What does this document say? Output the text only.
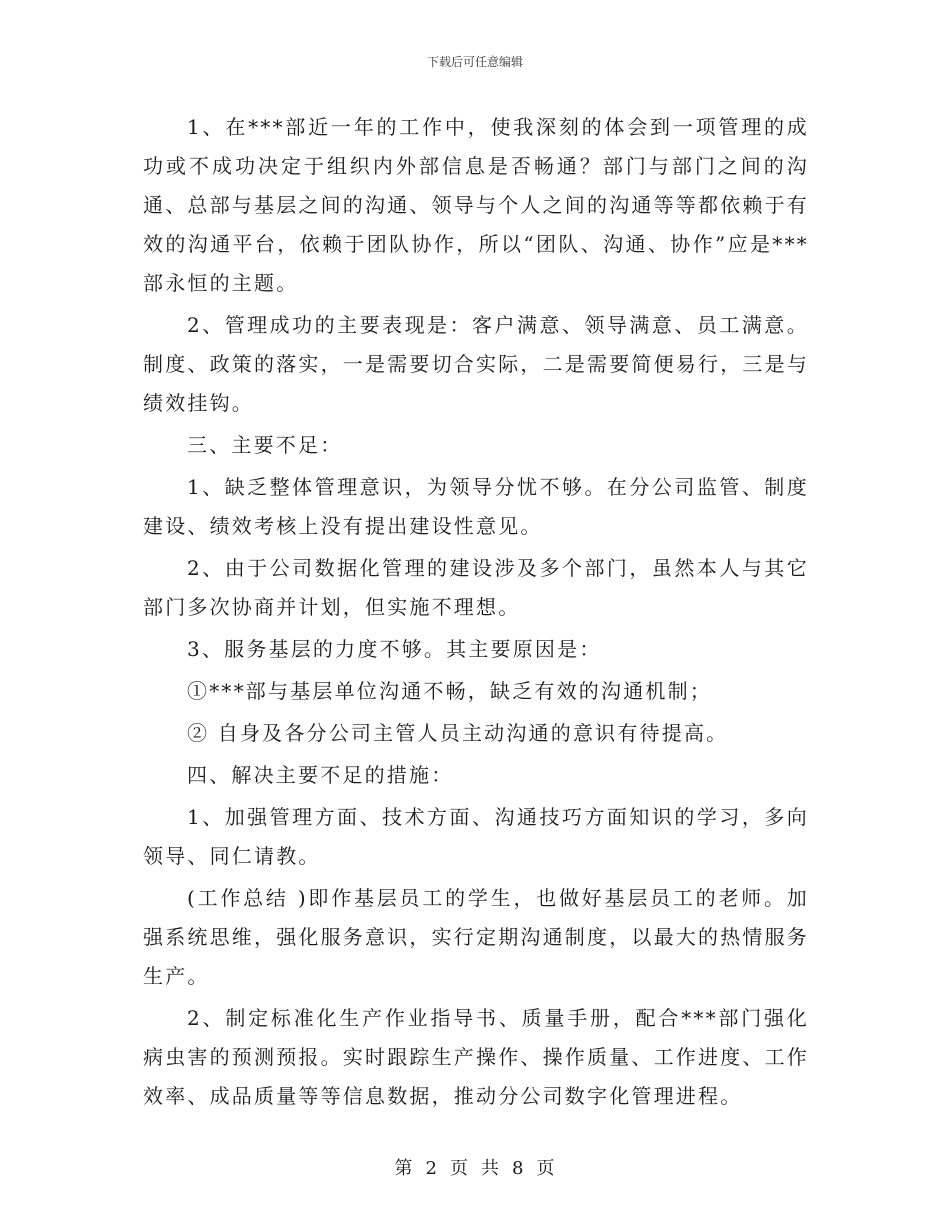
下载后可任意编辑

1、在***部近一年的工作中，使我深刻的体会到一项管理的成功或不成功决定于组织内外部信息是否畅通？部门与部门之间的沟通、总部与基层之间的沟通、领导与个人之间的沟通等等都依赖于有效的沟通平台，依赖于团队协作，所以“团队、沟通、协作”应是***部永恒的主题。

2、管理成功的主要表现是：客户满意、领导满意、员工满意。制度、政策的落实，一是需要切合实际，二是需要简便易行，三是与绩效挂钩。

三、主要不足：

1、缺乏整体管理意识，为领导分忧不够。在分公司监管、制度建设、绩效考核上没有提出建设性意见。

2、由于公司数据化管理的建设涉及多个部门，虽然本人与其它部门多次协商并计划，但实施不理想。

3、服务基层的力度不够。其主要原因是：

①***部与基层单位沟通不畅，缺乏有效的沟通机制；

② 自身及各分公司主管人员主动沟通的意识有待提高。

四、解决主要不足的措施：

1、加强管理方面、技术方面、沟通技巧方面知识的学习，多向领导、同仁请教。

(工作总结 )即作基层员工的学生，也做好基层员工的老师。加强系统思维，强化服务意识，实行定期沟通制度，以最大的热情服务生产。

2、制定标准化生产作业指导书、质量手册，配合***部门强化病虫害的预测预报。实时跟踪生产操作、操作质量、工作进度、工作效率、成品质量等等信息数据，推动分公司数字化管理进程。

第 2 页 共 8 页
